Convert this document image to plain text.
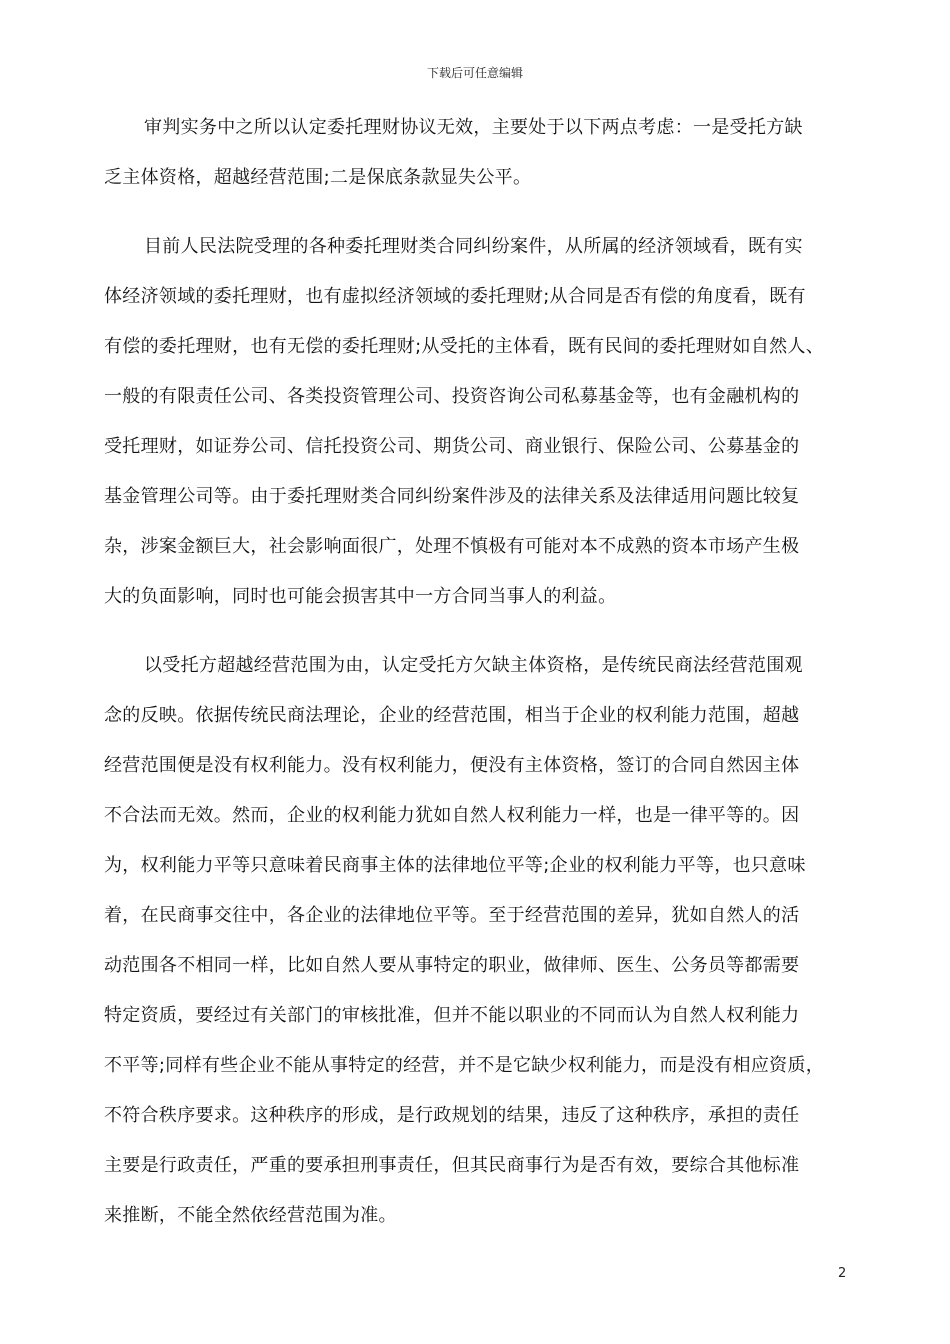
下载后可任意编辑

审判实务中之所以认定委托理财协议无效，主要处于以下两点考虑：一是受托方缺
乏主体资格，超越经营范围;二是保底条款显失公平。

目前人民法院受理的各种委托理财类合同纠纷案件，从所属的经济领域看，既有实
体经济领域的委托理财，也有虚拟经济领域的委托理财;从合同是否有偿的角度看，既有
有偿的委托理财，也有无偿的委托理财;从受托的主体看，既有民间的委托理财如自然人、
一般的有限责任公司、各类投资管理公司、投资咨询公司私募基金等，也有金融机构的
受托理财，如证券公司、信托投资公司、期货公司、商业银行、保险公司、公募基金的
基金管理公司等。由于委托理财类合同纠纷案件涉及的法律关系及法律适用问题比较复
杂，涉案金额巨大，社会影响面很广，处理不慎极有可能对本不成熟的资本市场产生极
大的负面影响，同时也可能会损害其中一方合同当事人的利益。

以受托方超越经营范围为由，认定受托方欠缺主体资格，是传统民商法经营范围观
念的反映。依据传统民商法理论，企业的经营范围，相当于企业的权利能力范围，超越
经营范围便是没有权利能力。没有权利能力，便没有主体资格，签订的合同自然因主体
不合法而无效。然而，企业的权利能力犹如自然人权利能力一样，也是一律平等的。因
为，权利能力平等只意味着民商事主体的法律地位平等;企业的权利能力平等，也只意味
着，在民商事交往中，各企业的法律地位平等。至于经营范围的差异，犹如自然人的活
动范围各不相同一样，比如自然人要从事特定的职业，做律师、医生、公务员等都需要
特定资质，要经过有关部门的审核批准，但并不能以职业的不同而认为自然人权利能力
不平等;同样有些企业不能从事特定的经营，并不是它缺少权利能力，而是没有相应资质，
不符合秩序要求。这种秩序的形成，是行政规划的结果，违反了这种秩序，承担的责任
主要是行政责任，严重的要承担刑事责任，但其民商事行为是否有效，要综合其他标准
来推断，不能全然依经营范围为准。

2
